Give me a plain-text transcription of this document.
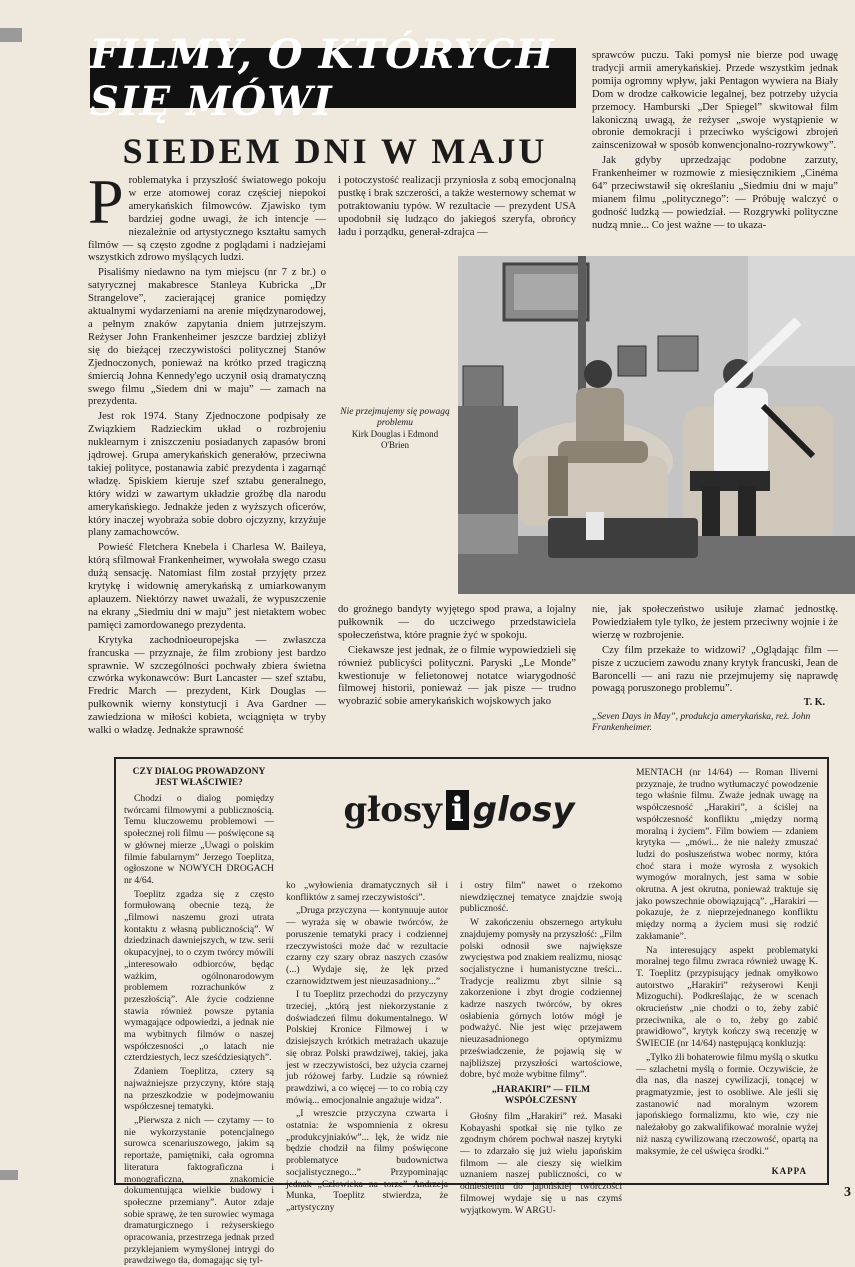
FILMY, O KTÓRYCH SIĘ MÓWI
SIEDEM DNI W MAJU

Problematyka i przyszłość światowego pokoju w erze atomowej coraz częściej niepokoi amerykańskich filmowców. Zjawisko tym bardziej godne uwagi, że ich intencje — niezależnie od artystycznego kształtu samych filmów — są często zgodne z poglądami i nadziejami wszystkich zdrowo myślących ludzi.

Pisaliśmy niedawno na tym miejscu (nr 7 z br.) o satyrycznej makabresce Stanleya Kubricka „Dr Strangelove”, zacierającej granice pomiędzy aktualnymi wydarzeniami na arenie międzynarodowej, a pełnym znaków zapytania dniem jutrzejszym. Reżyser John Frankenheimer jeszcze bardziej zbliżył się do bieżącej rzeczywistości politycznej Stanów Zjednoczonych, ponieważ na krótko przed tragiczną śmiercią Johna Kennedy'ego uczynił osią dramatyczną swego filmu „Siedem dni w maju” — zamach na prezydenta.

Jest rok 1974. Stany Zjednoczone podpisały ze Związkiem Radzieckim układ o rozbrojeniu nuklearnym i zniszczeniu posiadanych zapasów broni jądrowej. Grupa amerykańskich generałów, przeciwna takiej polityce, postanawia zabić prezydenta i zagarnąć władzę. Spiskiem kieruje szef sztabu generalnego, który widzi w zawartym układzie groźbę dla narodu amerykańskiego. Jednakże jeden z wyższych oficerów, który inaczej wyobraża sobie dobro ojczyzny, krzyżuje plany zamachowców.

Powieść Fletchera Knebela i Charlesa W. Baileya, którą sfilmował Frankenheimer, wywołała swego czasu dużą sensację. Natomiast film został przyjęty przez krytykę i widownię amerykańską z umiarkowanym aplauzem. Niektórzy nawet uważali, że wypuszczenie na ekrany „Siedmiu dni w maju” jest nietaktem wobec pamięci zamordowanego prezydenta.

Krytyka zachodnioeuropejska — zwłaszcza francuska — przyznaje, że film zrobiony jest bardzo sprawnie. W szczególności pochwały zbiera świetna czwórka wykonawców: Burt Lancaster — szef sztabu, Fredric March — prezydent, Kirk Douglas — pułkownik wierny konstytucji i Ava Gardner — zawiedziona w miłości kobieta, wciągnięta w tryby walki o władzę. Jednakże sprawność

i potoczystość realizacji przyniosła z sobą emocjonalną pustkę i brak szczerości, a także westernowy schemat w potraktowaniu typów. W rezultacie — prezydent USA upodobnił się ludząco do jakiegoś szeryfa, obrońcy ładu i porządku, generał-zdrajca —

sprawców puczu. Taki pomysł nie bierze pod uwagę tradycji armii amerykańskiej. Przede wszystkim jednak pomija ogromny wpływ, jaki Pentagon wywiera na Biały Dom w drodze całkowicie legalnej, bez potrzeby użycia przemocy. Hamburski „Der Spiegel” skwitował film lakoniczną uwagą, że reżyser „swoje wystąpienie w obronie demokracji i przeciwko wyścigowi zbrojeń zainscenizował w sposób konwencjonalno-rozrywkowy”.

Jak gdyby uprzedzając podobne zarzuty, Frankenheimer w rozmowie z miesięcznikiem „Cinéma 64” przeciwstawił się określaniu „Siedmiu dni w maju” mianem filmu „politycznego”: — Próbuję walczyć o godność ludzką — powiedział. — Rozgrywki polityczne nudzą mnie... Co jest ważne — to ukaza-

Nie przejmujemy się powagą problemu
Kirk Douglas i Edmond O'Brien

do groźnego bandyty wyjętego spod prawa, a lojalny pułkownik — do uczciwego przedstawiciela społeczeństwa, które pragnie żyć w spokoju.

Ciekawsze jest jednak, że o filmie wypowiedzieli się również publicyści polityczni. Paryski „Le Monde” kwestionuje w felietonowej notatce wiarygodność filmowej historii, ponieważ — jak pisze — trudno wyobrazić sobie amerykańskich wojskowych jako

nie, jak społeczeństwo usiłuje złamać jednostkę. Powiedziałem tyle tylko, że jestem przeciwny wojnie i że wierzę w rozbrojenie.

Czy film przekaże to widzowi? „Oglądając film — pisze z uczuciem zawodu znany krytyk francuski, Jean de Baroncelli — ani razu nie przejmujemy się naprawdę powagą poruszonego problemu”.

T. K.
„Seven Days in May”, produkcja amerykańska, reż. John Frankenheimer.
głosy i glosy
CZY DIALOG PROWADZONY JEST WŁAŚCIWIE?

Chodzi o dialog pomiędzy twórcami filmowymi a publicznością. Temu kluczowemu problemowi — społecznej roli filmu — poświęcone są w głównej mierze „Uwagi o polskim filmie fabularnym” Jerzego Toeplitza, ogłoszone w NOWYCH DROGACH nr 4/64.

Toeplitz zgadza się z często formułowaną obecnie tezą, że „filmowi naszemu grozi utrata kontaktu z własną publicznością”. W dziedzinach dawniejszych, w tzw. serii okupacyjnej, to o czym twórcy mówili „interesowało odbiorców, będąc ważkim, ogólnonarodowym problemem rozrachunków z przeszłością”. Ale życie codzienne stawia również powsze pytania wymagające odpowiedzi, a jednak nie ma wybitnych filmów o naszej współczesności „o latach nie czterdziestych, lecz sześćdziesiątych”.

Zdaniem Toeplitza, cztery są najważniejsze przyczyny, które stają na przeszkodzie w podejmowaniu współczesnej tematyki.

„Pierwsza z nich — czytamy — to nie wykorzystanie potencjalnego surowca scenariuszowego, jakim są reportaże, pamiętniki, cała ogromna literatura faktograficzna i monograficzna, znakomicie dokumentująca wielkie budowy i społeczne przemiany”. Autor zdaje sobie sprawę, że ten surowiec wymaga dramaturgicznego i reżyserskiego opracowania, przestrzega jednak przed przyklejaniem wymyślonej intrygi do prawdziwego tła, domagając się tyl-

ko „wyłowienia dramatycznych sił i konfliktów z samej rzeczywistości”.

„Druga przyczyna — kontynuuje autor — wyraża się w obawie twórców, że poruszenie tematyki pracy i codziennej rzeczywistości może dać w rezultacie czarny czy szary obraz naszych czasów (...) Wydaje się, że lęk przed czarnowidztwem jest nieuzasadniony...”

I tu Toeplitz przechodzi do przyczyny trzeciej, „którą jest niekorzystanie z doświadczeń filmu dokumentalnego. W Polskiej Kronice Filmowej i w dzisiejszych krótkich metrażach ukazuje się obraz Polski prawdziwej, takiej, jaka jest w rzeczywistości, bez użycia czarnej jub różowej farby. Ludzie są również prawdziwi, a co więcej — to co robią czy mówią... emocjonalnie angażuje widza”.

„I wreszcie przyczyna czwarta i ostatnia: że wspomnienia z okresu „produkcyjniaków”... lęk, że widz nie będzie chodził na filmy poświęcone problematyce budownictwa socjalistycznego...” Przypominając jednak „Człowieka na torze” Andrzeja Munka, Toeplitz stwierdza, że „artystyczny

i ostry film” nawet o rzekomo niewdzięcznej tematyce znajdzie swoją publiczność.

W zakończeniu obszernego artykułu znajdujemy pomysły na przyszłość: „Film polski odnosił swe największe zwycięstwa pod znakiem realizmu, niosąc socjalistyczne i humanistyczne treści... Tradycje realizmu zbyt silnie są zakorzenione i zbyt drogie codziennej kadrze naszych twórców, by okres osłabienia górnych lotów mógł je podważyć. Nie jest więc przejawem nieuzasadnionego optymizmu przeświadczenie, że pojawią się w najbliższej przyszłości wartościowe, dobre, być może wybitne filmy”.

„HARAKIRI” — FILM WSPÓŁCZESNY

Głośny film „Harakiri” reż. Masaki Kobayashi spotkał się nie tylko ze zgodnym chórem pochwał naszej krytyki — to zdarzało się już wielu japońskim filmom — ale cieszy się wielkim uznaniem naszej publiczności, co w odniesieniu do japońskiej twórczości filmowej wydaje się u nas czymś wyjątkowym. W ARGU-

MENTACH (nr 14/64) — Roman Iliverni przyznaje, że trudno wytłumaczyć powodzenie tego właśnie filmu. Zważe jednak uwagę na współczesność „Harakiri”, a ściślej na współczesność konfliktu „między normą moralną i życiem”. Film bowiem — zdaniem krytyka — „mówi... że nie należy zmuszać ludzi do posłuszeństwa wobec normy, która choć stara i może wyrosła z wysokich wymogów moralnych, jest sama w sobie okrutna. A jest okrutna, ponieważ traktuje się jako powszechnie obowiązującą”. „Harakiri — pokazuje, że z nieprzejednanego konfliktu między normą a życiem musi się rodzić zakłamanie”.

Na interesujący aspekt problematyki moralnej tego filmu zwraca również uwagę K. T. Toeplitz (przypisujący jednak omyłkowo autorstwo „Harakiri” reżyserowi Kenji Mizoguchi). Podkreślając, że w scenach okrucieństw „nie chodzi o to, żeby zabić przeciwnika, ale o to, żeby go zabić prawidłowo”, krytyk kończy swą recenzję w ŚWIECIE (nr 14/64) następującą konkluzją:

„Tylko źli bohaterowie filmu myślą o skutku — szlachetni myślą o formie. Oczywiście, że dla nas, dla naszej cywilizacji, tonącej w pragmatyzmie, jest to osobliwe. Ale jeśli się zastanowić nad moralnym wzorem japońskiego formalizmu, kto wie, czy nie należałoby go zakwalifikować moralnie wyżej niż naszą cywilizowaną rzeczowość, opartą na maksymie, że cel uświęca środki.”

KAPPA
3
